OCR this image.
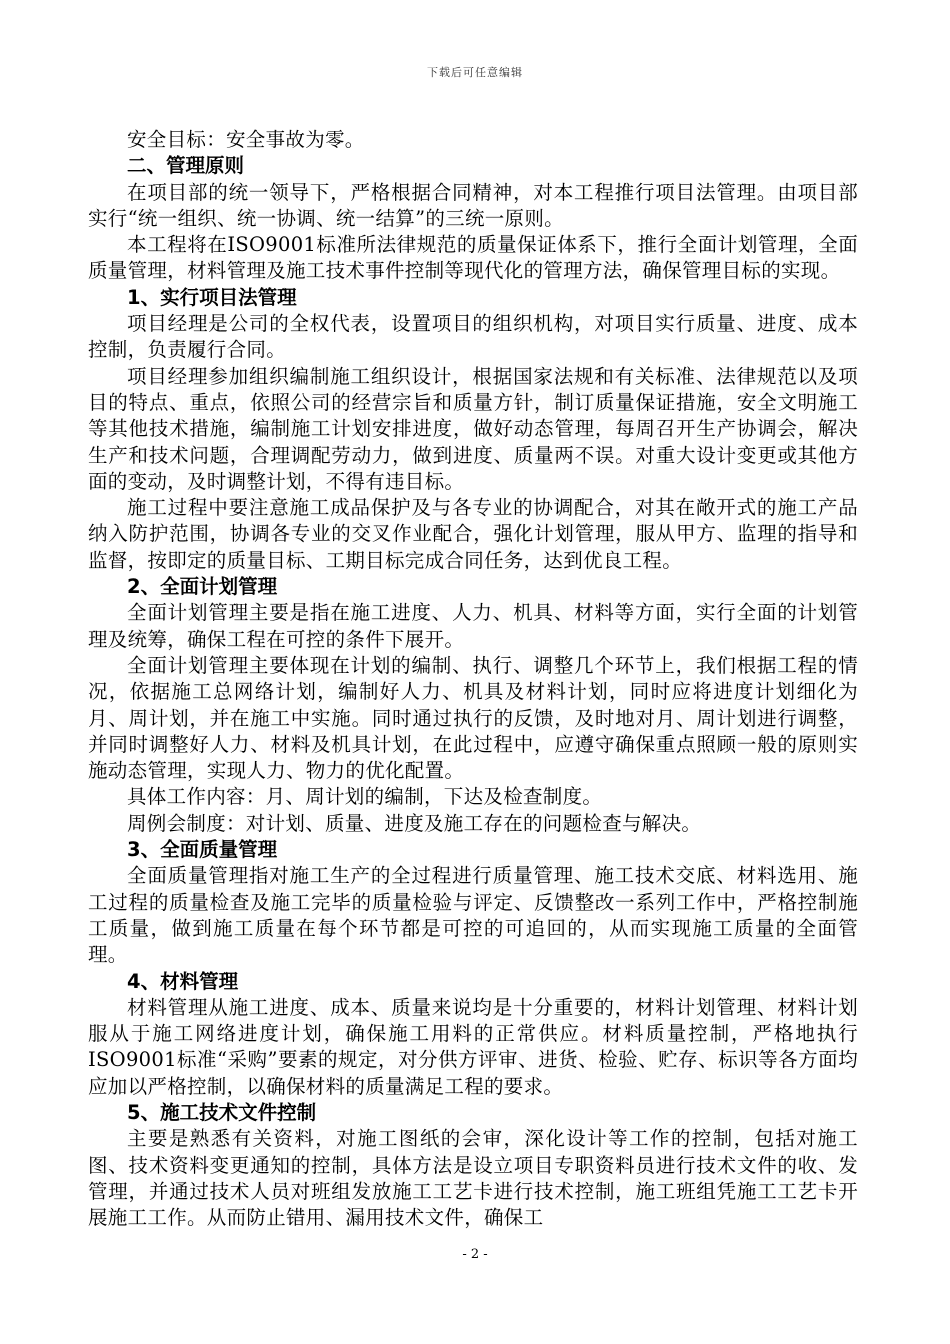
下载后可任意编辑

安全目标：安全事故为零。

二、管理原则

在项目部的统一领导下，严格根据合同精神，对本工程推行项目法管理。由项目部实行“统一组织、统一协调、统一结算”的三统一原则。

本工程将在ISO9001标准所法律规范的质量保证体系下，推行全面计划管理，全面质量管理，材料管理及施工技术事件控制等现代化的管理方法，确保管理目标的实现。

1、实行项目法管理

项目经理是公司的全权代表，设置项目的组织机构，对项目实行质量、进度、成本控制，负责履行合同。

项目经理参加组织编制施工组织设计，根据国家法规和有关标准、法律规范以及项目的特点、重点，依照公司的经营宗旨和质量方针，制订质量保证措施，安全文明施工等其他技术措施，编制施工计划安排进度，做好动态管理，每周召开生产协调会，解决生产和技术问题，合理调配劳动力，做到进度、质量两不误。对重大设计变更或其他方面的变动，及时调整计划，不得有违目标。

施工过程中要注意施工成品保护及与各专业的协调配合，对其在敞开式的施工产品纳入防护范围，协调各专业的交叉作业配合，强化计划管理，服从甲方、监理的指导和监督，按即定的质量目标、工期目标完成合同任务，达到优良工程。

2、全面计划管理

全面计划管理主要是指在施工进度、人力、机具、材料等方面，实行全面的计划管理及统筹，确保工程在可控的条件下展开。

全面计划管理主要体现在计划的编制、执行、调整几个环节上，我们根据工程的情况，依据施工总网络计划，编制好人力、机具及材料计划，同时应将进度计划细化为月、周计划，并在施工中实施。同时通过执行的反馈，及时地对月、周计划进行调整，并同时调整好人力、材料及机具计划，在此过程中，应遵守确保重点照顾一般的原则实施动态管理，实现人力、物力的优化配置。

具体工作内容：月、周计划的编制，下达及检查制度。

周例会制度：对计划、质量、进度及施工存在的问题检查与解决。

3、全面质量管理

全面质量管理指对施工生产的全过程进行质量管理、施工技术交底、材料选用、施工过程的质量检查及施工完毕的质量检验与评定、反馈整改一系列工作中，严格控制施工质量，做到施工质量在每个环节都是可控的可追回的，从而实现施工质量的全面管理。

4、材料管理

材料管理从施工进度、成本、质量来说均是十分重要的，材料计划管理、材料计划服从于施工网络进度计划，确保施工用料的正常供应。材料质量控制，严格地执行ISO9001标准“采购”要素的规定，对分供方评审、进货、检验、贮存、标识等各方面均应加以严格控制，以确保材料的质量满足工程的要求。

5、施工技术文件控制

主要是熟悉有关资料，对施工图纸的会审，深化设计等工作的控制，包括对施工图、技术资料变更通知的控制，具体方法是设立项目专职资料员进行技术文件的收、发管理，并通过技术人员对班组发放施工工艺卡进行技术控制，施工班组凭施工工艺卡开展施工工作。从而防止错用、漏用技术文件，确保工

- 2 -
